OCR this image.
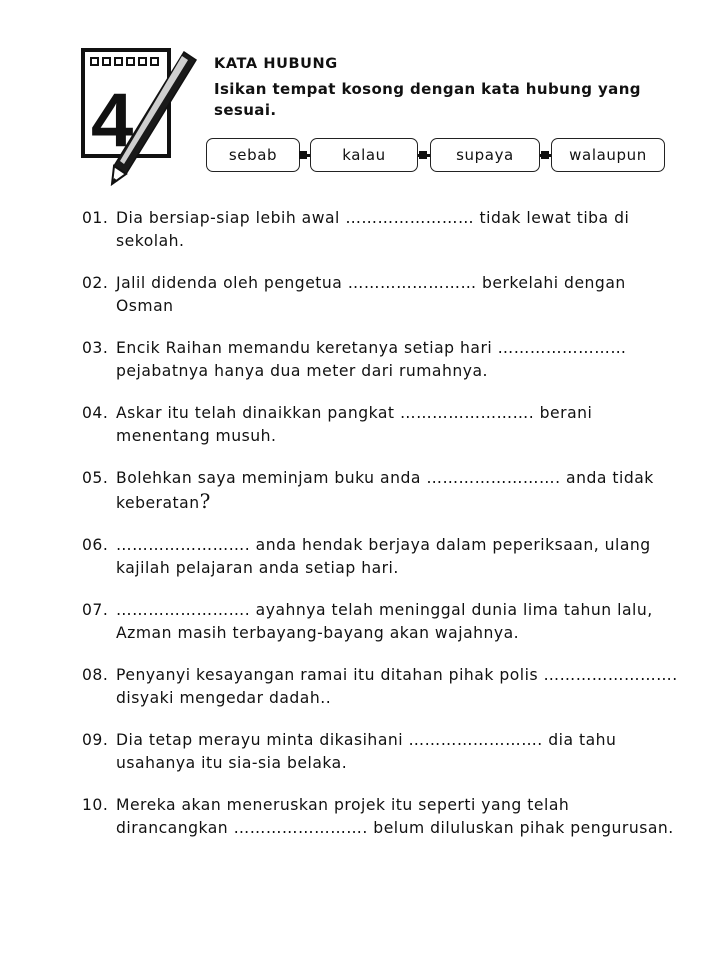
4
KATA HUBUNG
Isikan tempat kosong dengan kata hubung yang sesuai.
sebab	kalau	supaya	walaupun
01. Dia bersiap-siap lebih awal …………………… tidak lewat tiba di sekolah.
02. Jalil didenda oleh pengetua …………………… berkelahi dengan Osman
03. Encik Raihan memandu keretanya setiap hari …………………… pejabatnya hanya dua meter dari rumahnya.
04. Askar itu telah dinaikkan pangkat ……………………. berani menentang musuh.
05. Bolehkan saya meminjam buku anda ……………………. anda tidak keberatan?
06. ……………………. anda hendak berjaya dalam peperiksaan, ulang kajilah pelajaran anda setiap hari.
07. ……………………. ayahnya telah meninggal dunia lima tahun lalu, Azman masih terbayang-bayang akan wajahnya.
08. Penyanyi kesayangan ramai itu ditahan pihak polis ……………………. disyaki mengedar dadah..
09. Dia tetap merayu minta dikasihani ……………………. dia tahu usahanya itu sia-sia belaka.
10. Mereka akan meneruskan projek itu seperti yang telah dirancangkan ……………………. belum diluluskan pihak pengurusan.
